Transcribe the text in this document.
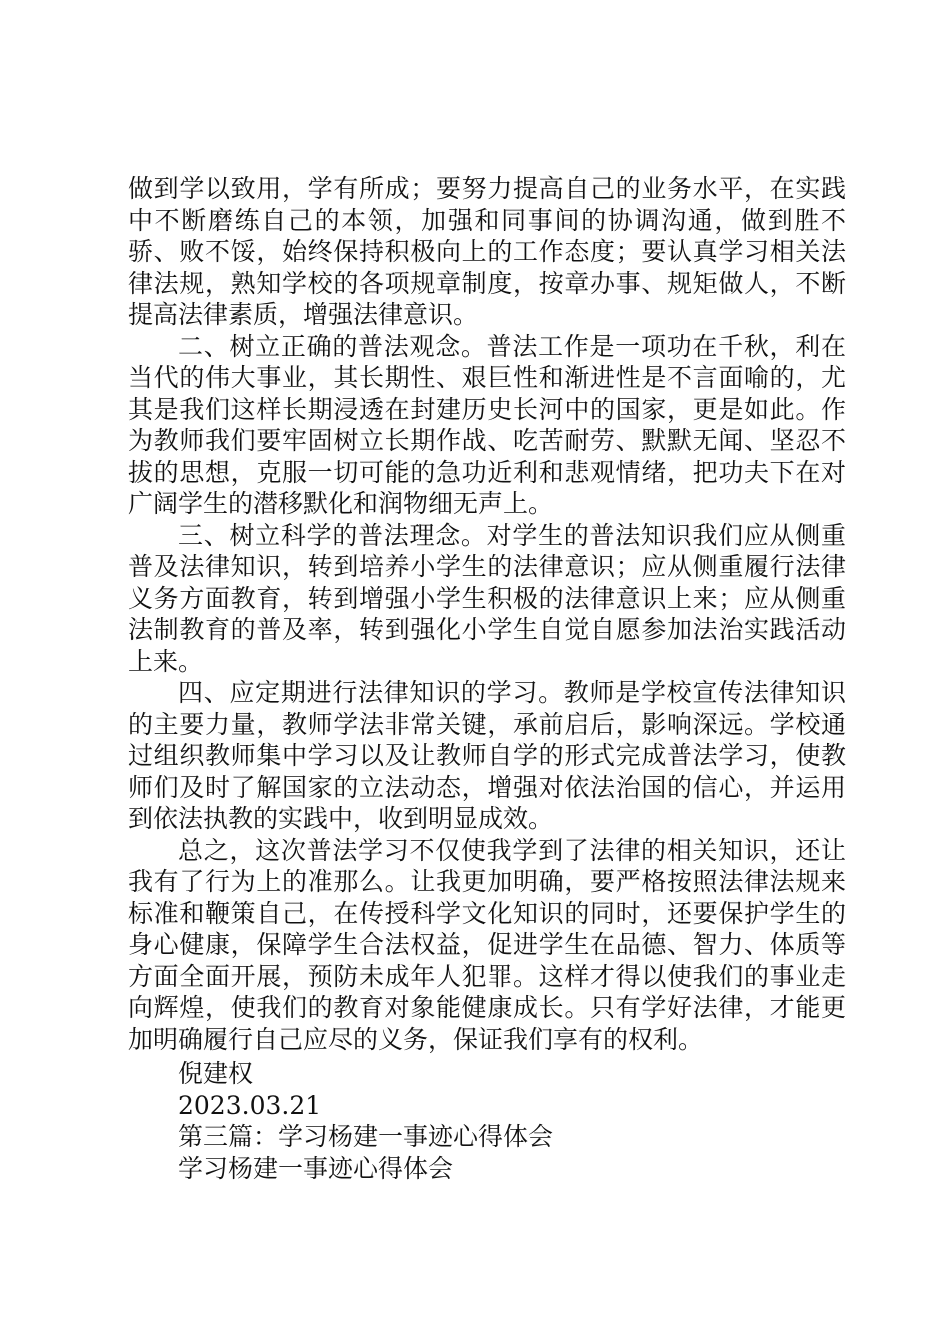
做到学以致用，学有所成；要努力提高自己的业务水平，在实践中不断磨练自己的本领，加强和同事间的协调沟通，做到胜不骄、败不馁，始终保持积极向上的工作态度；要认真学习相关法律法规，熟知学校的各项规章制度，按章办事、规矩做人，不断提高法律素质，增强法律意识。

二、树立正确的普法观念。普法工作是一项功在千秋，利在当代的伟大事业，其长期性、艰巨性和渐进性是不言面喻的，尤其是我们这样长期浸透在封建历史长河中的国家，更是如此。作为教师我们要牢固树立长期作战、吃苦耐劳、默默无闻、坚忍不拔的思想，克服一切可能的急功近利和悲观情绪，把功夫下在对广阔学生的潜移默化和润物细无声上。

三、树立科学的普法理念。对学生的普法知识我们应从侧重普及法律知识，转到培养小学生的法律意识；应从侧重履行法律义务方面教育，转到增强小学生积极的法律意识上来；应从侧重法制教育的普及率，转到强化小学生自觉自愿参加法治实践活动上来。

四、应定期进行法律知识的学习。教师是学校宣传法律知识的主要力量，教师学法非常关键，承前启后，影响深远。学校通过组织教师集中学习以及让教师自学的形式完成普法学习，使教师们及时了解国家的立法动态，增强对依法治国的信心，并运用到依法执教的实践中，收到明显成效。

总之，这次普法学习不仅使我学到了法律的相关知识，还让我有了行为上的准那么。让我更加明确，要严格按照法律法规来标准和鞭策自己，在传授科学文化知识的同时，还要保护学生的身心健康，保障学生合法权益，促进学生在品德、智力、体质等方面全面开展，预防未成年人犯罪。这样才得以使我们的事业走向辉煌，使我们的教育对象能健康成长。只有学好法律，才能更加明确履行自己应尽的义务，保证我们享有的权利。

倪建权
2023.03.21
第三篇：学习杨建一事迹心得体会
学习杨建一事迹心得体会
